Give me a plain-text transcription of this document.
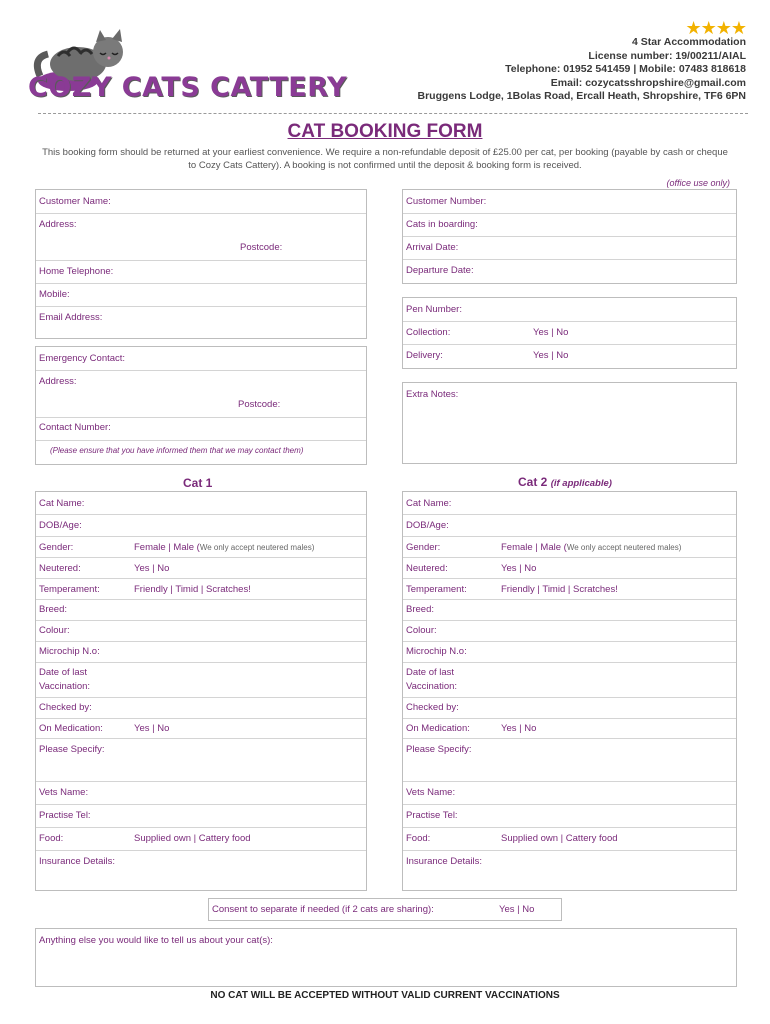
COZY CATS CATTERY
★★★★
4 Star Accommodation
License number: 19/00211/AIAL
Telephone: 01952 541459 | Mobile: 07483 818618
Email: cozycatsshropshire@gmail.com
Bruggens Lodge, 1Bolas Road, Ercall Heath, Shropshire, TF6 6PN
CAT BOOKING FORM
This booking form should be returned at your earliest convenience. We require a non-refundable deposit of £25.00 per cat, per booking (payable by cash or cheque to Cozy Cats Cattery). A booking is not confirmed until the deposit & booking form is received.
(office use only)
Customer Name:
Address:
Postcode:
Home Telephone:
Mobile:
Email Address:
Customer Number:
Cats in boarding:
Arrival Date:
Departure Date:
Pen Number:
Collection:	Yes | No
Delivery:	Yes | No
Emergency Contact:
Address:
Postcode:
Contact Number:
(Please ensure that you have informed them that we may contact them)
Extra Notes:
Cat 1	Cat 2 (if applicable)
Cat Name:
DOB/Age:
Gender:	Female | Male (We only accept neutered males)
Neutered:	Yes | No
Temperament:	Friendly | Timid | Scratches!
Breed:
Colour:
Microchip N.o:
Date of last
Vaccination:
Checked by:
On Medication:	Yes | No
Please Specify:
Vets Name:
Practise Tel:
Food:	Supplied own | Cattery food
Insurance Details:
Cat Name:
DOB/Age:
Gender:	Female | Male (We only accept neutered males)
Neutered:	Yes | No
Temperament:	Friendly | Timid | Scratches!
Breed:
Colour:
Microchip N.o:
Date of last
Vaccination:
Checked by:
On Medication:	Yes | No
Please Specify:
Vets Name:
Practise Tel:
Food:	Supplied own | Cattery food
Insurance Details:
Consent to separate if needed (if 2 cats are sharing):	Yes | No
Anything else you would like to tell us about your cat(s):
NO CAT WILL BE ACCEPTED WITHOUT VALID CURRENT VACCINATIONS
